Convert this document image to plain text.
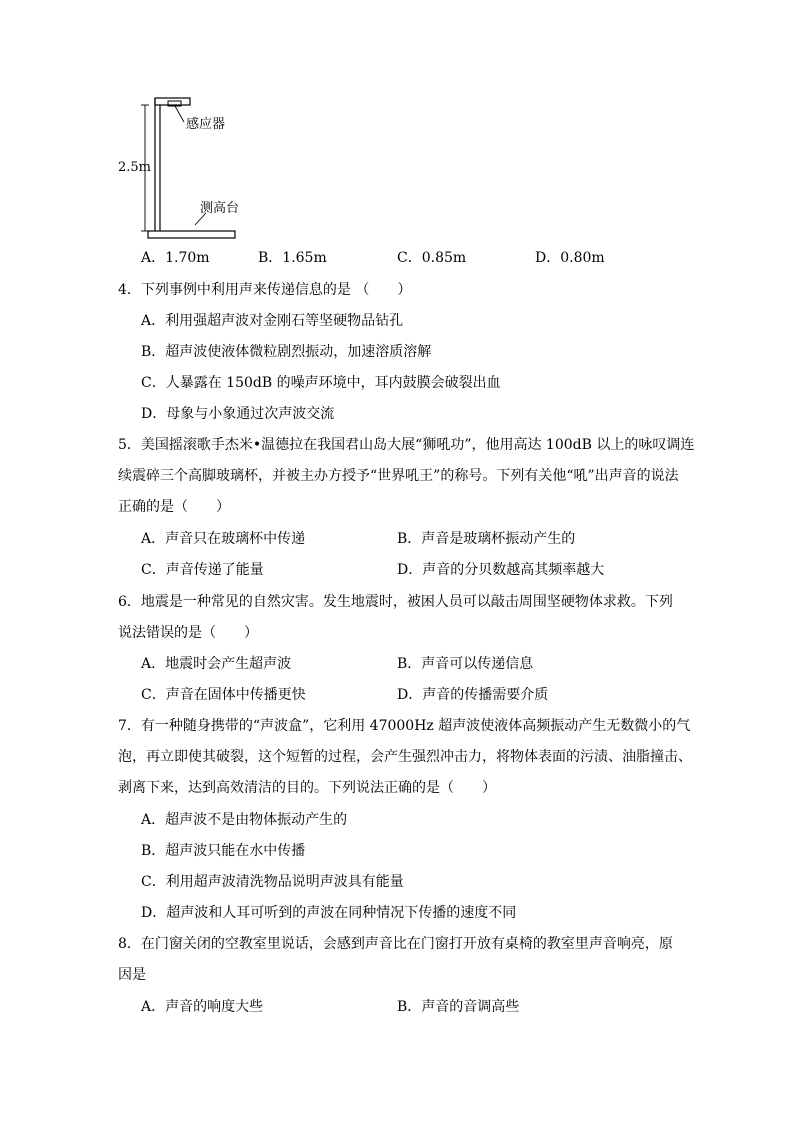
2.5m
感应器
测高台
A．1.70m	B．1.65m	C．0.85m	D．0.80m
4．下列事例中利用声来传递信息的是 （　　）
A．利用强超声波对金刚石等坚硬物品钻孔
B．超声波使液体微粒剧烈振动，加速溶质溶解
C．人暴露在 150dB 的噪声环境中，耳内鼓膜会破裂出血
D．母象与小象通过次声波交流
5．美国摇滚歌手杰米•温德拉在我国君山岛大展“狮吼功”，他用高达 100dB 以上的咏叹调连
续震碎三个高脚玻璃杯，并被主办方授予“世界吼王”的称号。下列有关他“吼”出声音的说法
正确的是（　　）
A．声音只在玻璃杯中传递	B．声音是玻璃杯振动产生的
C．声音传递了能量	D．声音的分贝数越高其频率越大
6．地震是一种常见的自然灾害。发生地震时，被困人员可以敲击周围坚硬物体求救。下列
说法错误的是（　　）
A．地震时会产生超声波	B．声音可以传递信息
C．声音在固体中传播更快	D．声音的传播需要介质
7．有一种随身携带的“声波盒”，它利用 47000Hz 超声波使液体高频振动产生无数微小的气
泡，再立即使其破裂，这个短暂的过程，会产生强烈冲击力，将物体表面的污渍、油脂撞击、
剥离下来，达到高效清洁的目的。下列说法正确的是（　　）
A．超声波不是由物体振动产生的
B．超声波只能在水中传播
C．利用超声波清洗物品说明声波具有能量
D．超声波和人耳可听到的声波在同种情况下传播的速度不同
8．在门窗关闭的空教室里说话，会感到声音比在门窗打开放有桌椅的教室里声音响亮，原
因是
A．声音的响度大些	B．声音的音调高些
